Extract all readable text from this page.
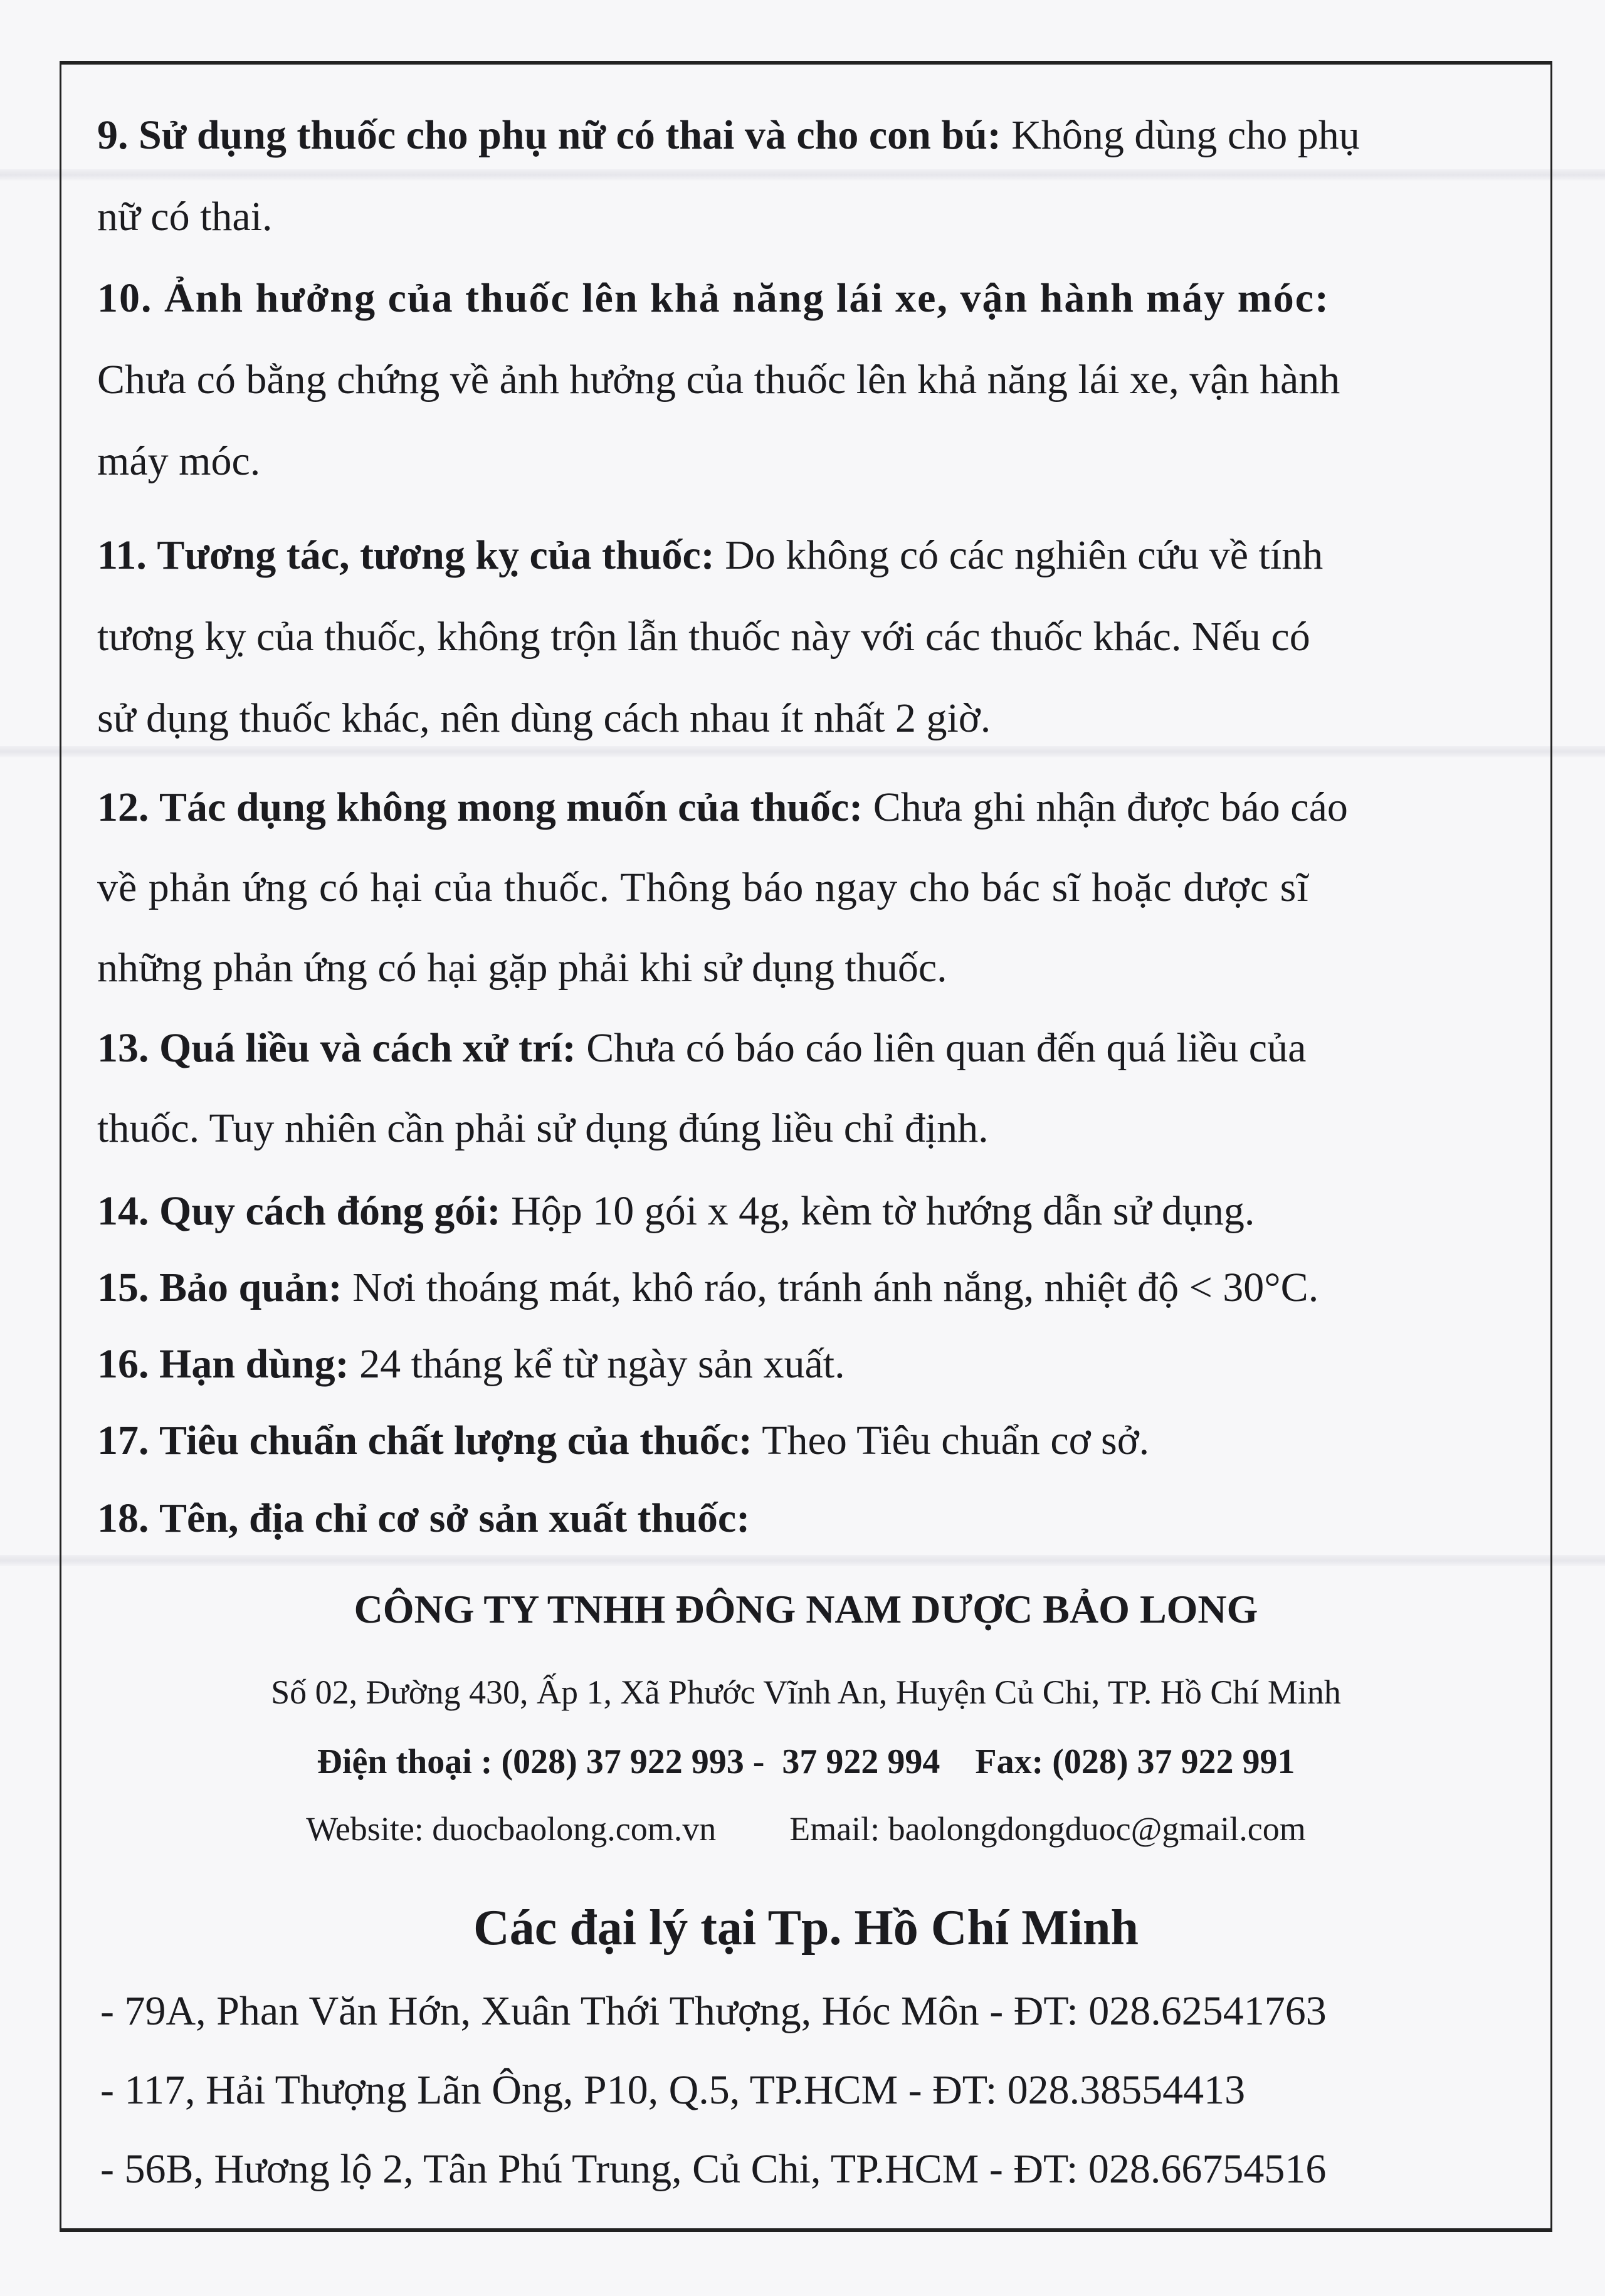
9. Sử dụng thuốc cho phụ nữ có thai và cho con bú: Không dùng cho phụ
nữ có thai.
10. Ảnh hưởng của thuốc lên khả năng lái xe, vận hành máy móc:
Chưa có bằng chứng về ảnh hưởng của thuốc lên khả năng lái xe, vận hành
máy móc.
11. Tương tác, tương kỵ của thuốc: Do không có các nghiên cứu về tính
tương kỵ của thuốc, không trộn lẫn thuốc này với các thuốc khác. Nếu có
sử dụng thuốc khác, nên dùng cách nhau ít nhất 2 giờ.
12. Tác dụng không mong muốn của thuốc: Chưa ghi nhận được báo cáo
về phản ứng có hại của thuốc. Thông báo ngay cho bác sĩ hoặc dược sĩ
những phản ứng có hại gặp phải khi sử dụng thuốc.
13. Quá liều và cách xử trí: Chưa có báo cáo liên quan đến quá liều của
thuốc. Tuy nhiên cần phải sử dụng đúng liều chỉ định.
14. Quy cách đóng gói: Hộp 10 gói x 4g, kèm tờ hướng dẫn sử dụng.
15. Bảo quản: Nơi thoáng mát, khô ráo, tránh ánh nắng, nhiệt độ < 30°C.
16. Hạn dùng: 24 tháng kể từ ngày sản xuất.
17. Tiêu chuẩn chất lượng của thuốc: Theo Tiêu chuẩn cơ sở.
18. Tên, địa chỉ cơ sở sản xuất thuốc:
CÔNG TY TNHH ĐÔNG NAM DƯỢC BẢO LONG
Số 02, Đường 430, Ấp 1, Xã Phước Vĩnh An, Huyện Củ Chi, TP. Hồ Chí Minh
Điện thoại : (028) 37 922 993 -  37 922 994    Fax: (028) 37 922 991
Website: duocbaolong.com.vn Email: baolongdongduoc@gmail.com
Các đại lý tại Tp. Hồ Chí Minh
- 79A, Phan Văn Hớn, Xuân Thới Thượng, Hóc Môn - ĐT: 028.62541763
- 117, Hải Thượng Lãn Ông, P10, Q.5, TP.HCM - ĐT: 028.38554413
- 56B, Hương lộ 2, Tân Phú Trung, Củ Chi, TP.HCM - ĐT: 028.66754516
